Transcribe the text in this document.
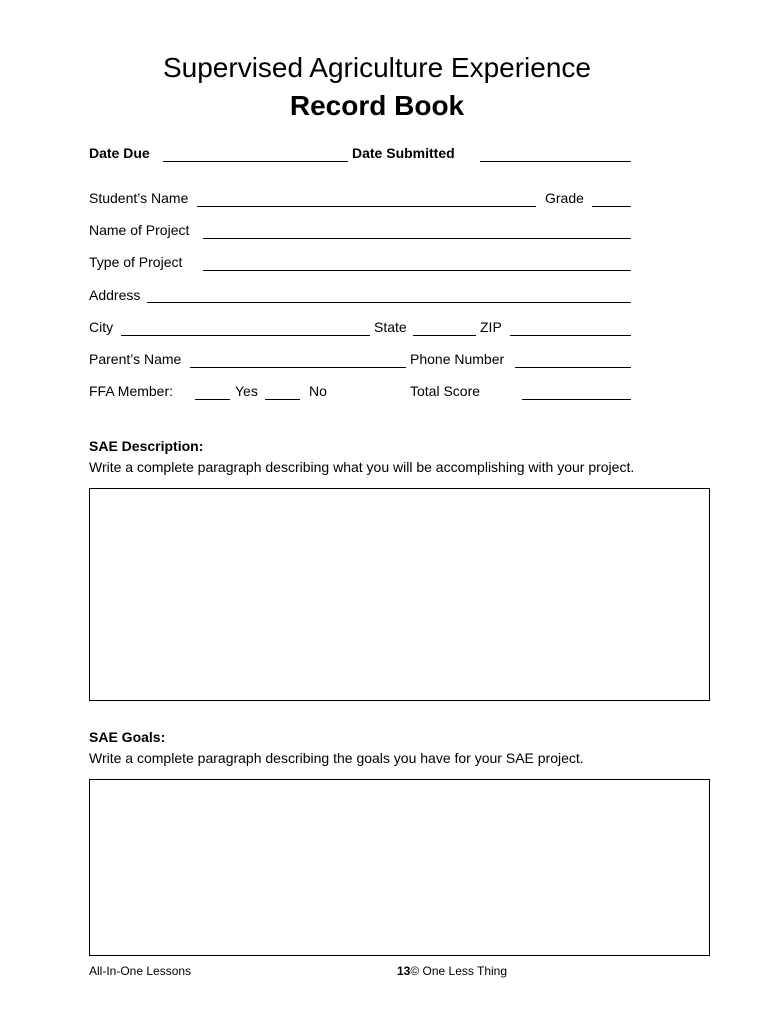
Supervised Agriculture Experience
Record Book
Date Due	Date Submitted
Student’s Name	Grade
Name of Project
Type of Project
Address
City	State	ZIP
Parent’s Name	Phone Number
FFA Member:	Yes	No	Total Score
SAE Description:
Write a complete paragraph describing what you will be accomplishing with your project.
SAE Goals:
Write a complete paragraph describing the goals you have for your SAE project.
All-In-One Lessons	13© One Less Thing
